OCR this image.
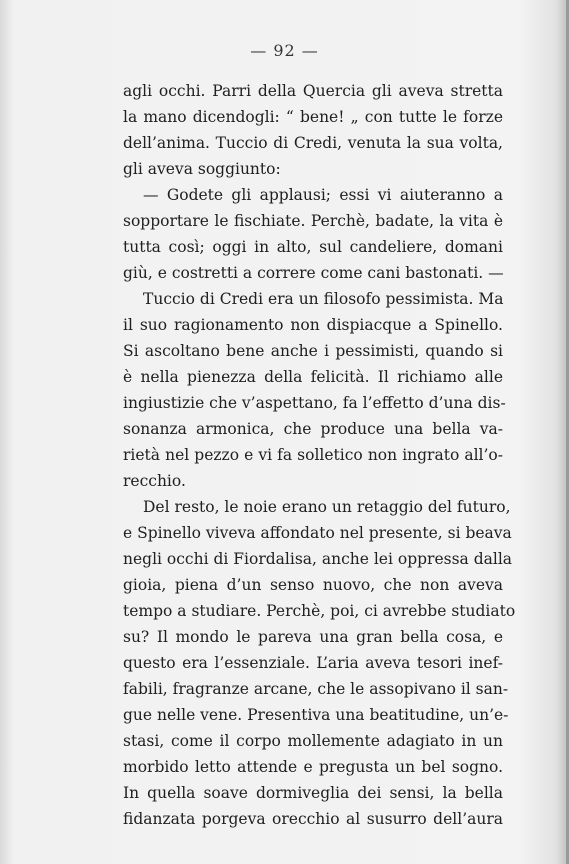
— 92 —
agli occhi. Parri della Quercia gli aveva stretta
la mano dicendogli: “ bene! „ con tutte le forze
dell’anima. Tuccio di Credi, venuta la sua volta,
gli aveva soggiunto:
— Godete gli applausi; essi vi aiuteranno a
sopportare le fischiate. Perchè, badate, la vita è
tutta così; oggi in alto, sul candeliere, domani
giù, e costretti a correre come cani bastonati. —
Tuccio di Credi era un filosofo pessimista. Ma
il suo ragionamento non dispiacque a Spinello.
Si ascoltano bene anche i pessimisti, quando si
è nella pienezza della felicità. Il richiamo alle
ingiustizie che v’aspettano, fa l’effetto d’una dis-
sonanza armonica, che produce una bella va-
rietà nel pezzo e vi fa solletico non ingrato all’o-
recchio.
Del resto, le noie erano un retaggio del futuro,
e Spinello viveva affondato nel presente, si beava
negli occhi di Fiordalisa, anche lei oppressa dalla
gioia, piena d’un senso nuovo, che non aveva
tempo a studiare. Perchè, poi, ci avrebbe studiato
su? Il mondo le pareva una gran bella cosa, e
questo era l’essenziale. L’aria aveva tesori inef-
fabili, fragranze arcane, che le assopivano il san-
gue nelle vene. Presentiva una beatitudine, un’e-
stasi, come il corpo mollemente adagiato in un
morbido letto attende e pregusta un bel sogno.
In quella soave dormiveglia dei sensi, la bella
fidanzata porgeva orecchio al susurro dell’aura
